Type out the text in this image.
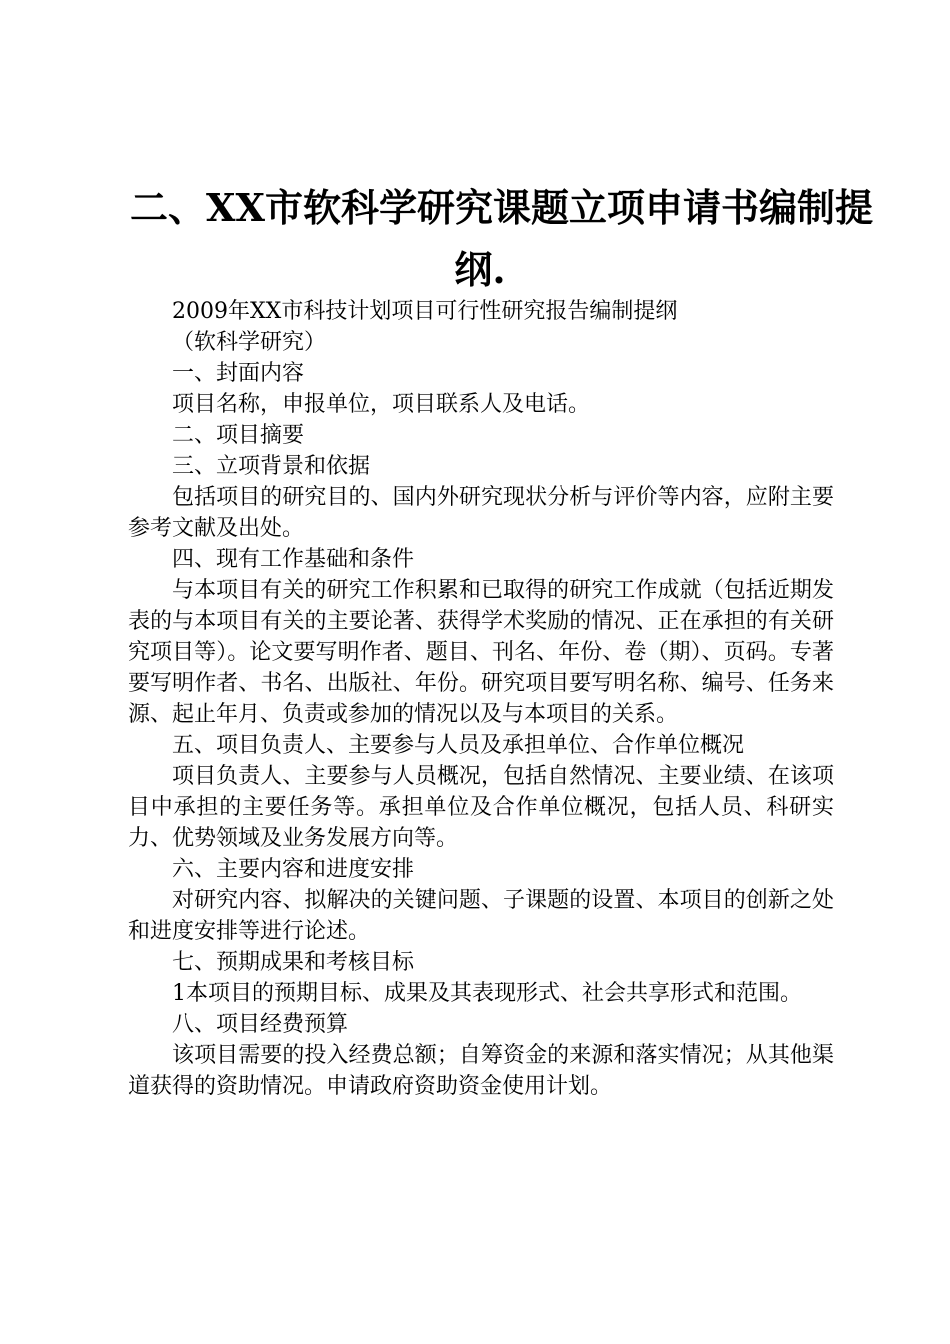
二、XX市软科学研究课题立项申请书编制提
纲.

2009年XX市科技计划项目可行性研究报告编制提纲

（软科学研究）

一、封面内容

项目名称，申报单位，项目联系人及电话。

二、项目摘要

三、立项背景和依据

包括项目的研究目的、国内外研究现状分析与评价等内容，应附主要参考文献及出处。

四、现有工作基础和条件

与本项目有关的研究工作积累和已取得的研究工作成就（包括近期发表的与本项目有关的主要论著、获得学术奖励的情况、正在承担的有关研究项目等）。论文要写明作者、题目、刊名、年份、卷（期）、页码。专著要写明作者、书名、出版社、年份。研究项目要写明名称、编号、任务来源、起止年月、负责或参加的情况以及与本项目的关系。

五、项目负责人、主要参与人员及承担单位、合作单位概况

项目负责人、主要参与人员概况，包括自然情况、主要业绩、在该项目中承担的主要任务等。承担单位及合作单位概况，包括人员、科研实力、优势领域及业务发展方向等。

六、主要内容和进度安排

对研究内容、拟解决的关键问题、子课题的设置、本项目的创新之处和进度安排等进行论述。

七、预期成果和考核目标

1本项目的预期目标、成果及其表现形式、社会共享形式和范围。

八、项目经费预算

该项目需要的投入经费总额；自筹资金的来源和落实情况；从其他渠道获得的资助情况。申请政府资助资金使用计划。
